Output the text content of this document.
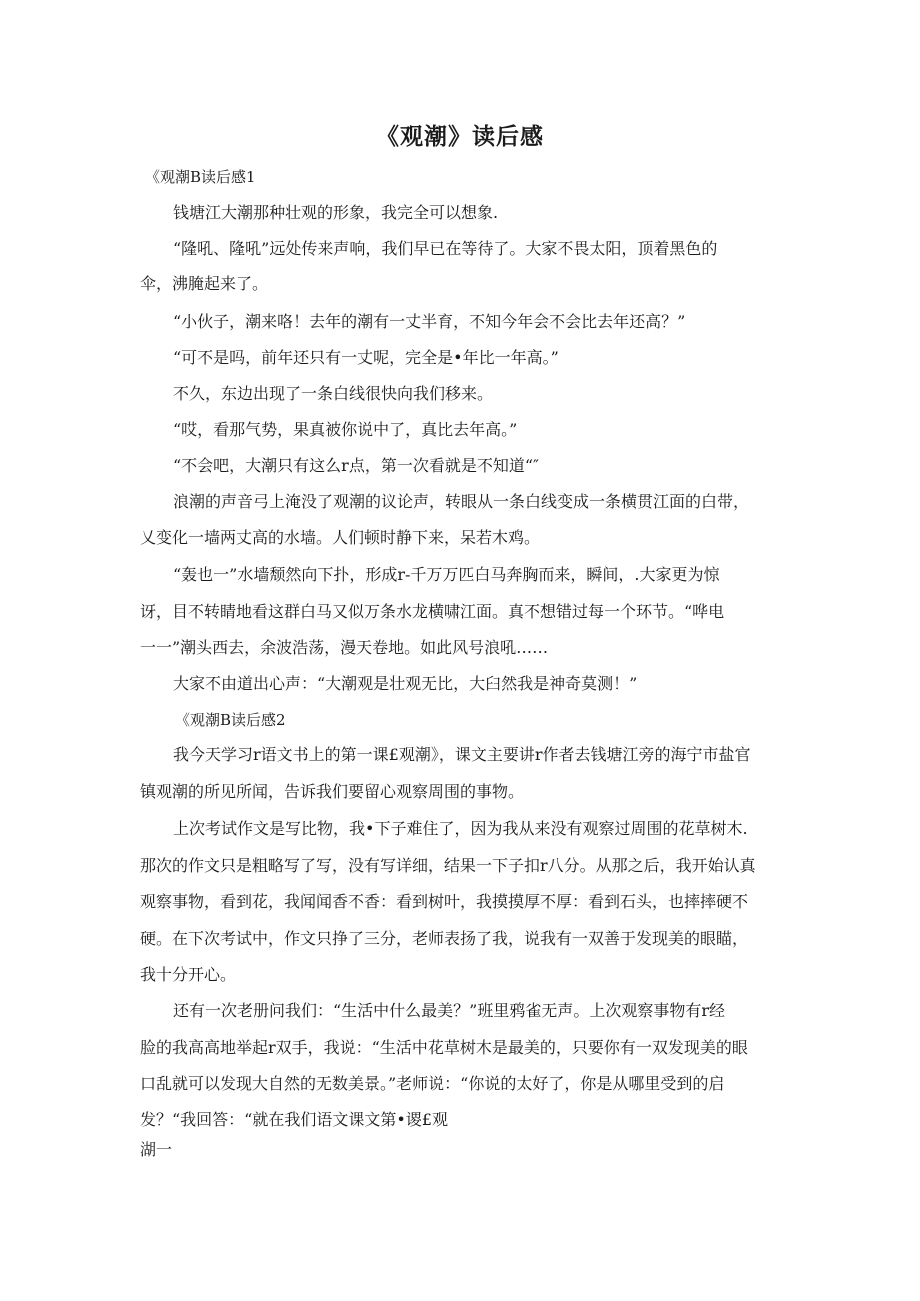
《观潮》读后感
《观潮B读后感1
钱塘江大潮那种壮观的形象，我完全可以想象.
“隆吼、隆吼”远处传来声响，我们早已在等待了。大家不畏太阳，顶着黑色的
伞，沸腌起来了。
“小伙子，潮来咯！去年的潮有一丈半育，不知今年会不会比去年还高？”
“可不是吗，前年还只有一丈呢，完全是•年比一年高。”
不久，东边出现了一条白线很快向我们移来。
“哎，看那气势，果真被你说中了，真比去年高。”
“不会吧，大潮只有这么r点，第一次看就是不知道“″
浪潮的声音弓上淹没了观潮的议论声，转眼从一条白线变成一条横贯江面的白带，
乂变化一墙两丈高的水墙。人们顿时静下来，呆若木鸡。
“轰也一”水墙颓然向下扑，形成r-千万万匹白马奔胸而来，瞬间，.大家更为惊
讶，目不转睛地看这群白马又似万条水龙横啸江面。真不想错过每一个环节。“哗电
一一”潮头西去，余波浩荡，漫天卷地。如此风号浪吼……
大家不由道出心声：“大潮观是壮观无比，大臼然我是神奇莫测！”
《观潮B读后感2
我今天学习r语文书上的第一课£观潮》，课文主要讲r作者去钱塘江旁的海宁市盐官
镇观潮的所见所闻，告诉我们要留心观察周围的事物。
上次考试作文是写比物，我•下子难住了，因为我从来没有观察过周围的花草树木.
那次的作文只是粗略写了写，没有写详细，结果一下子扣r八分。从那之后，我开始认真
观察事物，看到花，我闻闻香不香：看到树叶，我摸摸厚不厚：看到石头，也摔摔硬不
硬。在下次考试中，作文只挣了三分，老师表扬了我，说我有一双善于发现美的眼瞄，
我十分开心。
还有一次老册问我们：“生活中什么最美？”班里鸦雀无声。上次观察事物有r经
脸的我高高地举起r双手，我说：“生活中花草树木是最美的，只要你有一双发现美的眼
口乱就可以发现大自然的无数美景。”老师说：“你说的太好了，你是从哪里受到的启
发？“我回答：“就在我们语文课文第•谡£观
湖一
